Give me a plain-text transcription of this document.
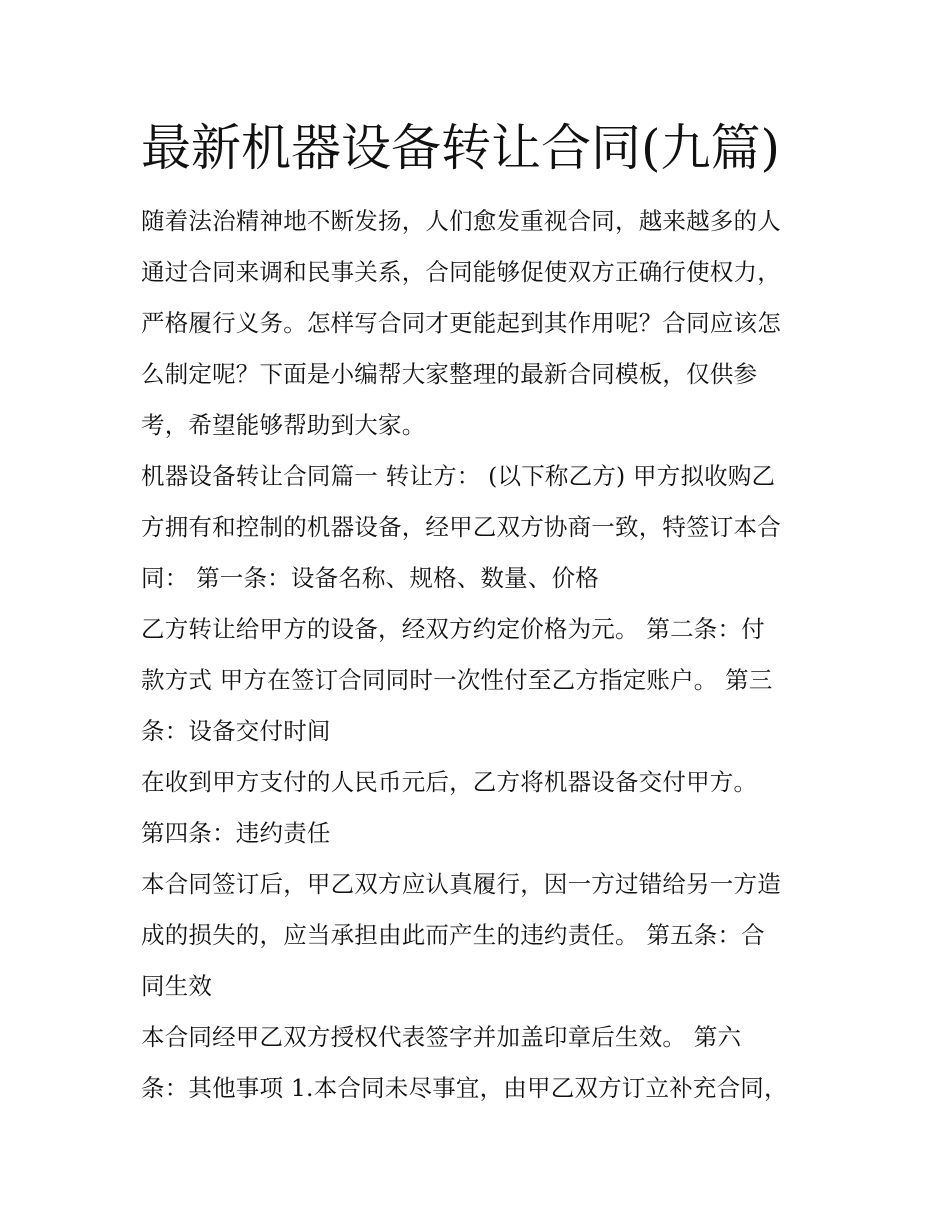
最新机器设备转让合同(九篇)
随着法治精神地不断发扬，人们愈发重视合同，越来越多的人
通过合同来调和民事关系，合同能够促使双方正确行使权力，
严格履行义务。怎样写合同才更能起到其作用呢？合同应该怎
么制定呢？下面是小编帮大家整理的最新合同模板，仅供参
考，希望能够帮助到大家。
机器设备转让合同篇一 转让方： (以下称乙方) 甲方拟收购乙
方拥有和控制的机器设备，经甲乙双方协商一致，特签订本合
同： 第一条：设备名称、规格、数量、价格
乙方转让给甲方的设备，经双方约定价格为元。 第二条：付
款方式 甲方在签订合同同时一次性付至乙方指定账户。 第三
条：设备交付时间
在收到甲方支付的人民币元后，乙方将机器设备交付甲方。
第四条：违约责任
本合同签订后，甲乙双方应认真履行，因一方过错给另一方造
成的损失的，应当承担由此而产生的违约责任。 第五条：合
同生效
本合同经甲乙双方授权代表签字并加盖印章后生效。 第六
条：其他事项 1.本合同未尽事宜，由甲乙双方订立补充合同，
